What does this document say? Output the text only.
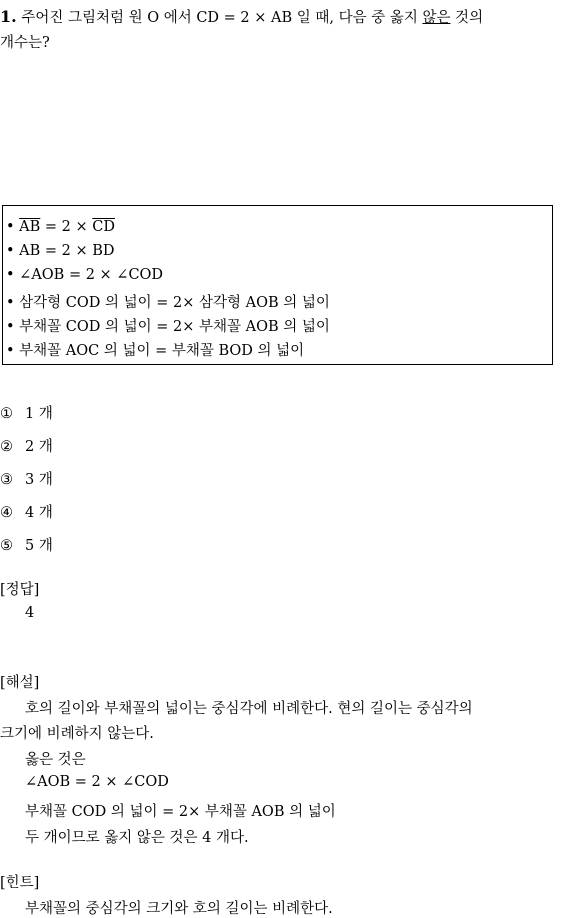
1. 주어진 그림처럼 원 O 에서 CD = 2 × AB 일 때, 다음 중 옳지 않은 것의
개수는?
• $\overline{AB} = 2 \times \overline{CD}$
• AB = 2 × BD
• ∠AOB = 2 × ∠COD
• 삼각형 COD 의 넓이 = 2× 삼각형 AOB 의 넓이
• 부채꼴 COD 의 넓이 = 2× 부채꼴 AOB 의 넓이
• 부채꼴 AOC 의 넓이 = 부채꼴 BOD 의 넓이
① 1 개
② 2 개
③ 3 개
④ 4 개
⑤ 5 개
[정답]
4
[해설]
호의 길이와 부채꼴의 넓이는 중심각에 비례한다. 현의 길이는 중심각의
크기에 비례하지 않는다.
옳은 것은
∠AOB = 2 × ∠COD
부채꼴 COD 의 넓이 = 2× 부채꼴 AOB 의 넓이
두 개이므로 옳지 않은 것은 4 개다.
[힌트]
부채꼴의 중심각의 크기와 호의 길이는 비례한다.
